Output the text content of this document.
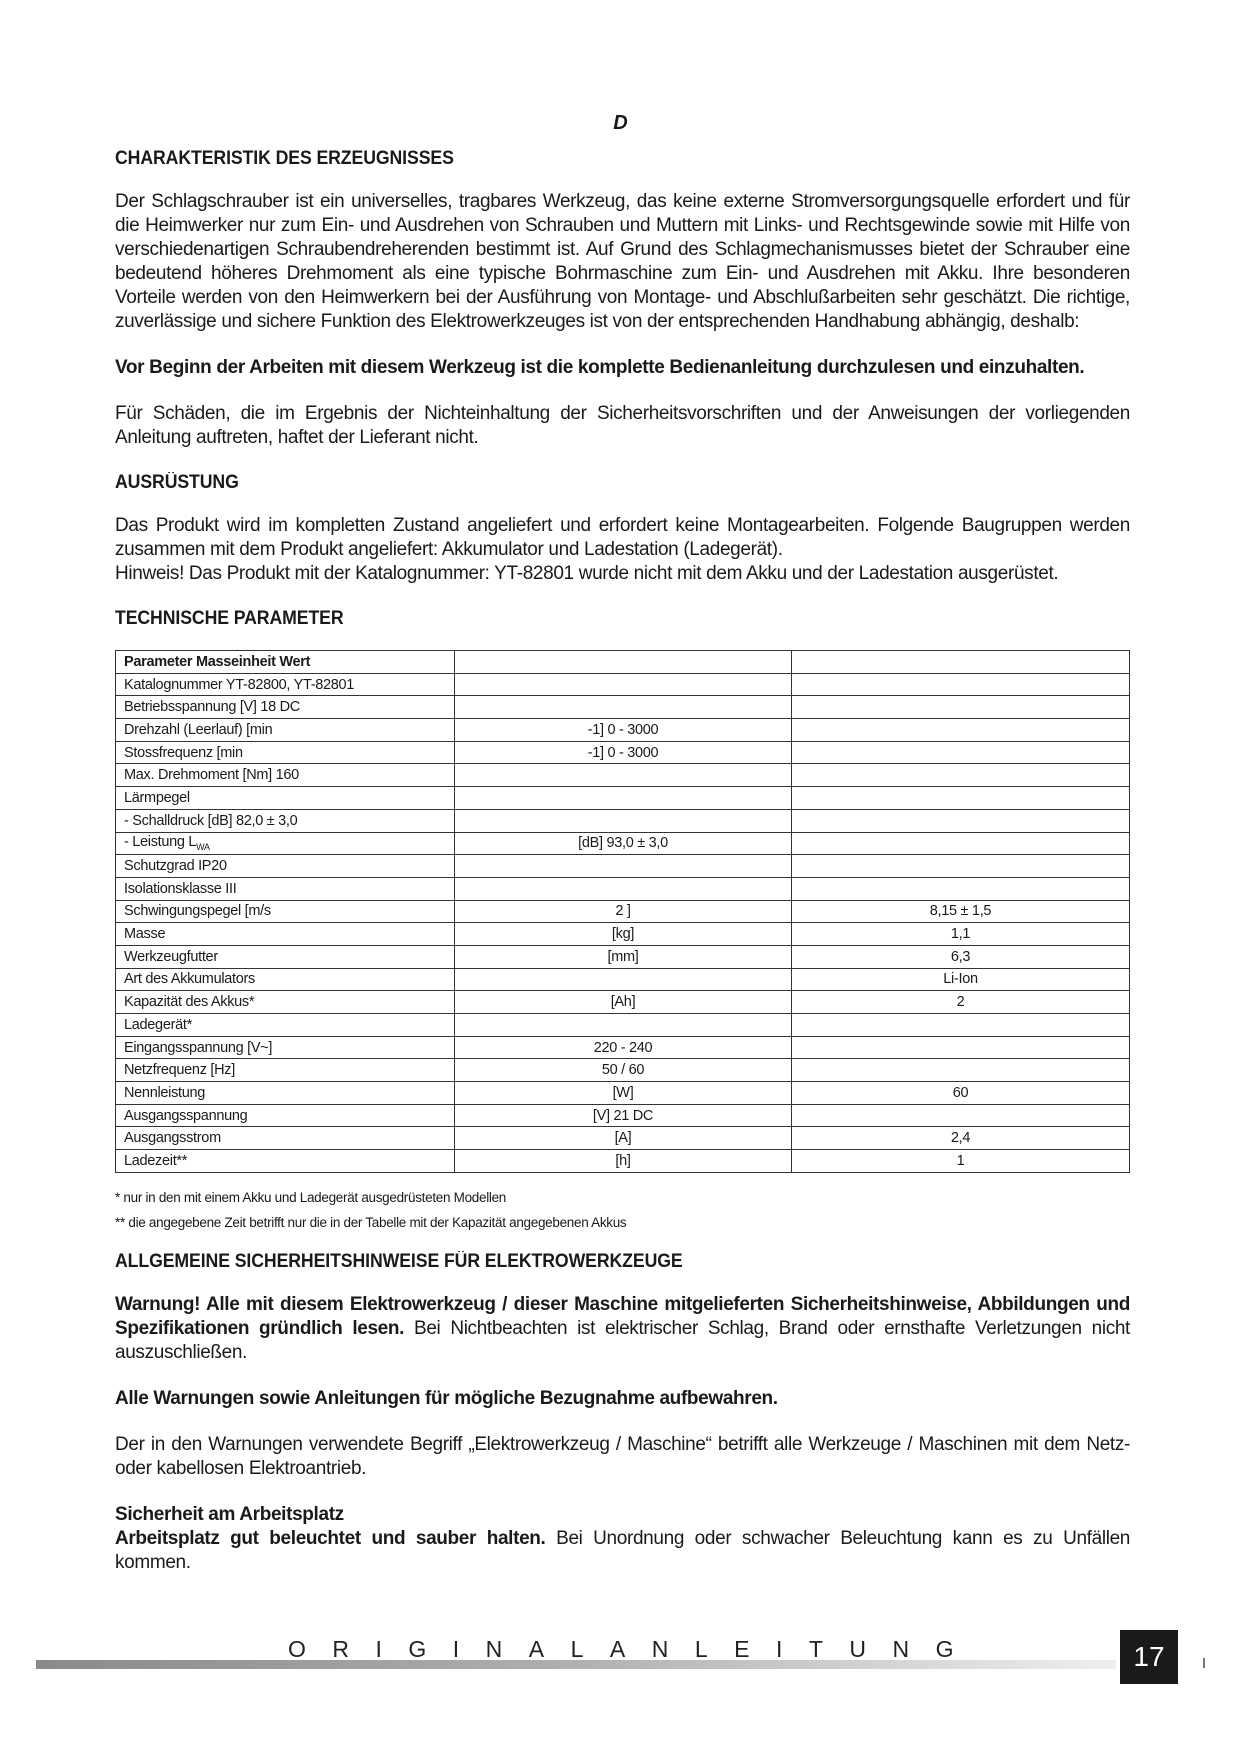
D
CHARAKTERISTIK DES ERZEUGNISSES

Der Schlagschrauber ist ein universelles, tragbares Werkzeug, das keine externe Stromversorgungsquelle erfordert und für die Heimwerker nur zum Ein- und Ausdrehen von Schrauben und Muttern mit Links- und Rechtsgewinde sowie mit Hilfe von verschiedenartigen Schraubendreherenden bestimmt ist. Auf Grund des Schlagmechanismusses bietet der Schrauber eine bedeutend höheres Drehmoment als eine typische Bohrmaschine zum Ein- und Ausdrehen mit Akku. Ihre besonderen Vorteile werden von den Heimwerkern bei der Ausführung von Montage- und Abschlußarbeiten sehr geschätzt. Die richtige, zuverlässige und sichere Funktion des Elektrowerkzeuges ist von der entsprechenden Handhabung abhängig, deshalb:

Vor Beginn der Arbeiten mit diesem Werkzeug ist die komplette Bedienanleitung durchzulesen und einzuhalten.

Für Schäden, die im Ergebnis der Nichteinhaltung der Sicherheitsvorschriften und der Anweisungen der vorliegenden Anleitung auftreten, haftet der Lieferant nicht.

AUSRÜSTUNG

Das Produkt wird im kompletten Zustand angeliefert und erfordert keine Montagearbeiten. Folgende Baugruppen werden zusammen mit dem Produkt angeliefert: Akkumulator und Ladestation (Ladegerät).

Hinweis! Das Produkt mit der Katalognummer: YT-82801 wurde nicht mit dem Akku und der Ladestation ausgerüstet.

TECHNISCHE PARAMETER
Parameter Masseinheit Wert		
Katalognummer YT-82800, YT-82801		
Betriebsspannung [V] 18 DC		
Drehzahl (Leerlauf) [min	-1] 0 - 3000	
Stossfrequenz [min	-1] 0 - 3000	
Max. Drehmoment [Nm] 160		
Lärmpegel		
- Schalldruck [dB] 82,0 ± 3,0		
- Leistung $L_{WA}$	[dB] 93,0 ± 3,0	
Schutzgrad IP20		
Isolationsklasse III		
Schwingungspegel [m/s	2 ]	8,15 ± 1,5
Masse	[kg]	1,1
Werkzeugfutter	[mm]	6,3
Art des Akkumulators		Li-Ion
Kapazität des Akkus*	[Ah]	2
Ladegerät*		
Eingangsspannung [V~]	220 - 240	
Netzfrequenz [Hz]	50 / 60	
Nennleistung	[W]	60
Ausgangsspannung	[V] 21 DC	
Ausgangsstrom	[A]	2,4
Ladezeit**	[h]	1
* nur in den mit einem Akku und Ladegerät ausgedrüsteten Modellen
** die angegebene Zeit betrifft nur die in der Tabelle mit der Kapazität angegebenen Akkus
ALLGEMEINE SICHERHEITSHINWEISE FÜR ELEKTROWERKZEUGE

Warnung! Alle mit diesem Elektrowerkzeug / dieser Maschine mitgelieferten Sicherheitshinweise, Abbildungen und Spezifikationen gründlich lesen. Bei Nichtbeachten ist elektrischer Schlag, Brand oder ernsthafte Verletzungen nicht auszuschließen.

Alle Warnungen sowie Anleitungen für mögliche Bezugnahme aufbewahren.

Der in den Warnungen verwendete Begriff „Elektrowerkzeug / Maschine“ betrifft alle Werkzeuge / Maschinen mit dem Netz- oder kabellosen Elektroantrieb.

Sicherheit am Arbeitsplatz

Arbeitsplatz gut beleuchtet und sauber halten. Bei Unordnung oder schwacher Beleuchtung kann es zu Unfällen kommen.

ORIGINALANLEITUNG	17
